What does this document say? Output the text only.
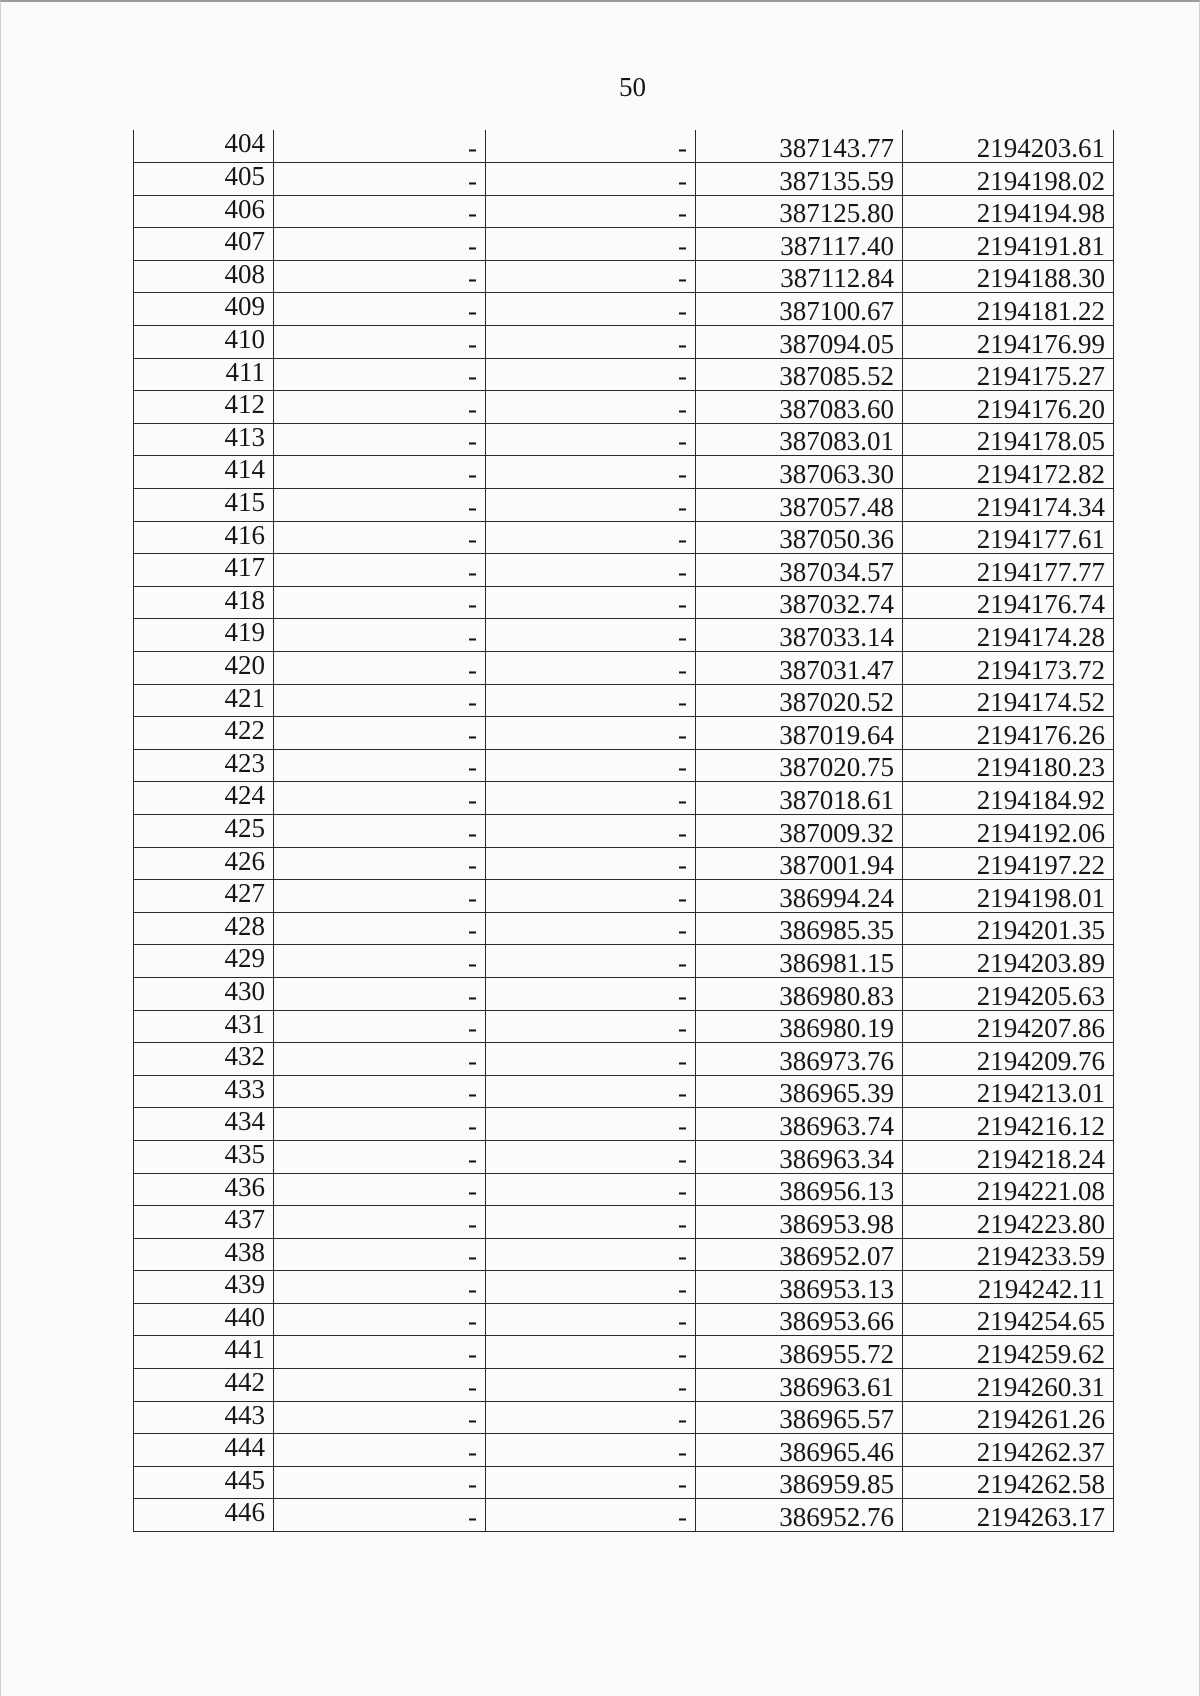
50
404	-	-	387143.77	2194203.61
405	-	-	387135.59	2194198.02
406	-	-	387125.80	2194194.98
407	-	-	387117.40	2194191.81
408	-	-	387112.84	2194188.30
409	-	-	387100.67	2194181.22
410	-	-	387094.05	2194176.99
411	-	-	387085.52	2194175.27
412	-	-	387083.60	2194176.20
413	-	-	387083.01	2194178.05
414	-	-	387063.30	2194172.82
415	-	-	387057.48	2194174.34
416	-	-	387050.36	2194177.61
417	-	-	387034.57	2194177.77
418	-	-	387032.74	2194176.74
419	-	-	387033.14	2194174.28
420	-	-	387031.47	2194173.72
421	-	-	387020.52	2194174.52
422	-	-	387019.64	2194176.26
423	-	-	387020.75	2194180.23
424	-	-	387018.61	2194184.92
425	-	-	387009.32	2194192.06
426	-	-	387001.94	2194197.22
427	-	-	386994.24	2194198.01
428	-	-	386985.35	2194201.35
429	-	-	386981.15	2194203.89
430	-	-	386980.83	2194205.63
431	-	-	386980.19	2194207.86
432	-	-	386973.76	2194209.76
433	-	-	386965.39	2194213.01
434	-	-	386963.74	2194216.12
435	-	-	386963.34	2194218.24
436	-	-	386956.13	2194221.08
437	-	-	386953.98	2194223.80
438	-	-	386952.07	2194233.59
439	-	-	386953.13	2194242.11
440	-	-	386953.66	2194254.65
441	-	-	386955.72	2194259.62
442	-	-	386963.61	2194260.31
443	-	-	386965.57	2194261.26
444	-	-	386965.46	2194262.37
445	-	-	386959.85	2194262.58
446	-	-	386952.76	2194263.17
